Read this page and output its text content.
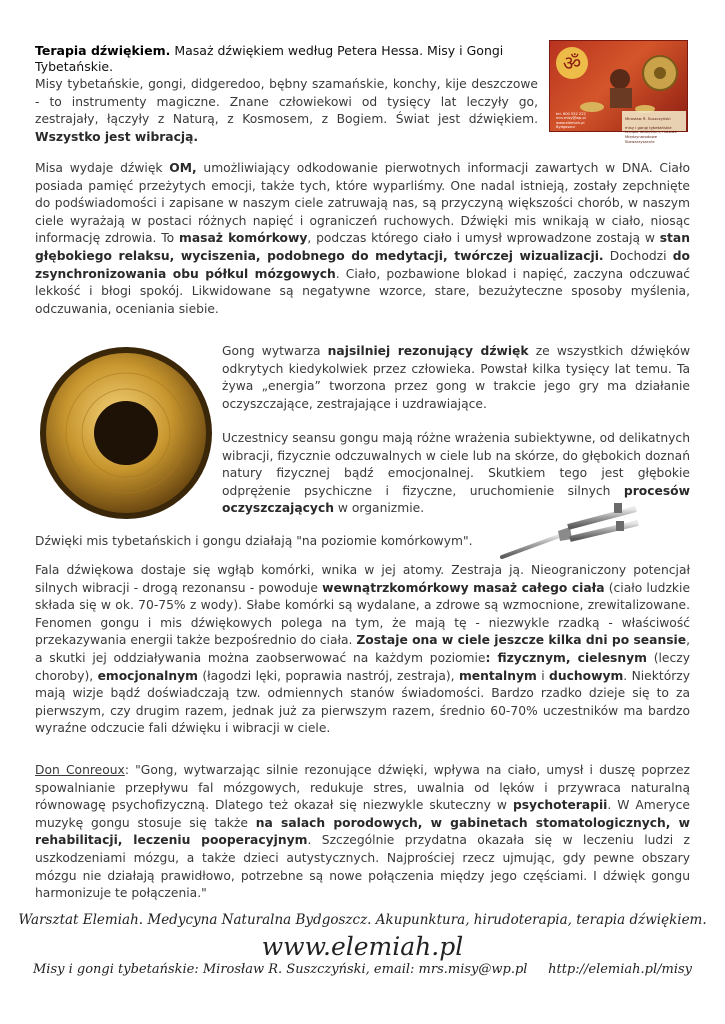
Terapia dźwiękiem. Masaż dźwiękiem według Petera Hessa. Misy i Gongi Tybetańskie.

Misy tybetańskie, gongi, didgeredoo, bębny szamańskie, konchy, kije deszczowe - to instrumenty magiczne. Znane człowiekowi od tysięcy lat leczyły go, zestrajały, łączyły z Naturą, z Kosmosem, z Bogiem. Świat jest dźwiękiem. Wszystko jest wibracją.

ॐ
tel. 600 552 222
mrs.misy@wp.pl
www.elemiah.pl
Bydgoszcz

Mirosław R. Suszczyński

misy i gongi tybetańskie
terapia dźwiękiem, masaże
Międzynarodowe Stowarzyszenie

Misa wydaje dźwięk OM, umożliwiający odkodowanie pierwotnych informacji zawartych w DNA. Ciało posiada pamięć przeżytych emocji, także tych, które wyparliśmy. One nadal istnieją, zostały zepchnięte do podświadomości i zapisane w naszym ciele zatruwają nas, są przyczyną większości chorób, w naszym ciele wyrażają w postaci różnych napięć i ograniczeń ruchowych. Dźwięki mis wnikają w ciało, niosąc informację zdrowia. To masaż komórkowy, podczas którego ciało i umysł wprowadzone zostają w stan głębokiego relaksu, wyciszenia, podobnego do medytacji, twórczej wizualizacji. Dochodzi do zsynchronizowania obu półkul mózgowych. Ciało, pozbawione blokad i napięć, zaczyna odczuwać lekkość i błogi spokój. Likwidowane są negatywne wzorce, stare, bezużyteczne sposoby myślenia, odczuwania, oceniania siebie.

Gong wytwarza najsilniej rezonujący dźwięk ze wszystkich dźwięków odkrytych kiedykolwiek przez człowieka. Powstał kilka tysięcy lat temu. Ta żywa „energia” tworzona przez gong w trakcie jego gry ma działanie oczyszczające, zestrajające i uzdrawiające.

Uczestnicy seansu gongu mają różne wrażenia subiektywne, od delikatnych wibracji, fizycznie odczuwalnych w ciele lub na skórze, do głębokich doznań natury fizycznej bądź emocjonalnej. Skutkiem tego jest głębokie odprężenie psychiczne i fizyczne, uruchomienie silnych procesów oczyszczających w organizmie.

Dźwięki mis tybetańskich i gongu działają "na poziomie komórkowym".

Fala dźwiękowa dostaje się wgłąb komórki, wnika w jej atomy. Zestraja ją. Nieograniczony potencjał silnych wibracji - drogą rezonansu - powoduje wewnątrzkomórkowy masaż całego ciała (ciało ludzkie składa się w ok. 70-75% z wody). Słabe komórki są wydalane, a zdrowe są wzmocnione, zrewitalizowane. Fenomen gongu i mis dźwiękowych polega na tym, że mają tę - niezwykle rzadką - właściwość przekazywania energii także bezpośrednio do ciała. Zostaje ona w ciele jeszcze kilka dni po seansie, a skutki jej oddziaływania można zaobserwować na każdym poziomie: fizycznym, cielesnym (leczy choroby), emocjonalnym (łagodzi lęki, poprawia nastrój, zestraja), mentalnym i duchowym. Niektórzy mają wizje bądź doświadczają tzw. odmiennych stanów świadomości. Bardzo rzadko dzieje się to za pierwszym, czy drugim razem, jednak już za pierwszym razem, średnio 60-70% uczestników ma bardzo wyraźne odczucie fali dźwięku i wibracji w ciele.

Don Conreoux: "Gong, wytwarzając silnie rezonujące dźwięki, wpływa na ciało, umysł i duszę poprzez spowalnianie przepływu fal mózgowych, redukuje stres, uwalnia od lęków i przywraca naturalną równowagę psychofizyczną. Dlatego też okazał się niezwykle skuteczny w psychoterapii. W Ameryce muzykę gongu stosuje się także na salach porodowych, w gabinetach stomatologicznych, w rehabilitacji, leczeniu pooperacyjnym. Szczególnie przydatna okazała się w leczeniu ludzi z uszkodzeniami mózgu, a także dzieci autystycznych. Najprościej rzecz ujmując, gdy pewne obszary mózgu nie działają prawidłowo, potrzebne są nowe połączenia między jego częściami. I dźwięk gongu harmonizuje te połączenia."

Warsztat Elemiah. Medycyna Naturalna Bydgoszcz. Akupunktura, hirudoterapia, terapia dźwiękiem.
www.elemiah.pl
Misy i gongi tybetańskie: Mirosław R. Suszczyński, email: mrs.misy@wp.pl     http://elemiah.pl/misy
